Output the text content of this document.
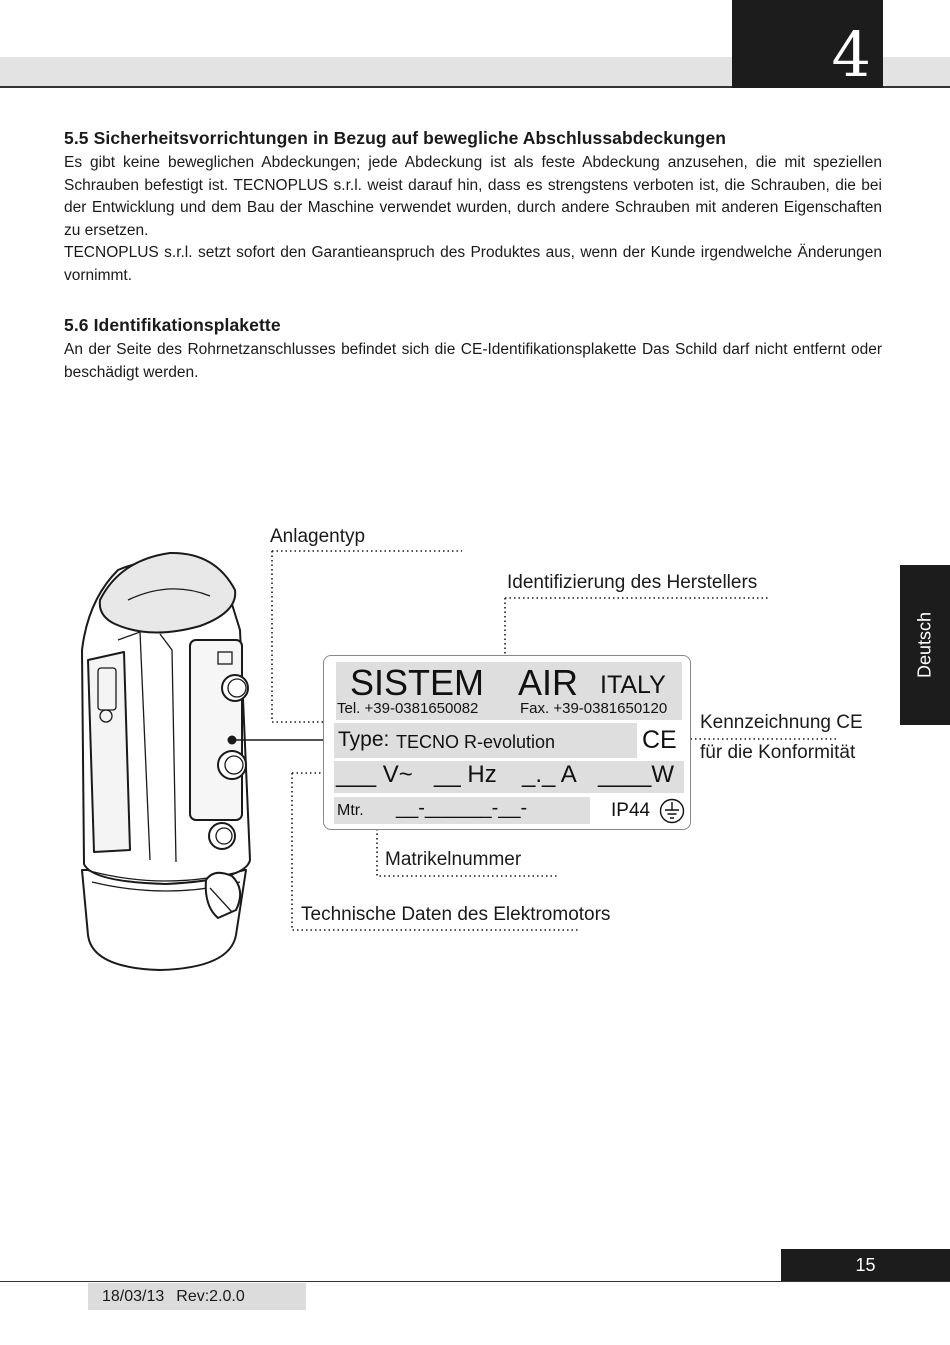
4
5.5 Sicherheitsvorrichtungen in Bezug auf bewegliche Abschlussabdeckungen

Es gibt keine beweglichen Abdeckungen; jede Abdeckung ist als feste Abdeckung anzusehen, die mit speziellen Schrauben befestigt ist. TECNOPLUS s.r.l. weist darauf hin, dass es strengstens verboten ist, die Schrauben, die bei der Entwicklung und dem Bau der Maschine verwendet wurden, durch andere Schrauben mit anderen Eigenschaften zu ersetzen.

TECNOPLUS s.r.l. setzt sofort den Garantieanspruch des Produktes aus, wenn der Kunde irgendwelche Änderungen vornimmt.

5.6 Identifikationsplakette

An der Seite des Rohrnetzanschlusses befindet sich die CE-Identifikationsplakette Das Schild darf nicht entfernt oder beschädigt werden.

Deutsch
Anlagentyp
Identifizierung des Herstellers
Kennzeichnung CE
für die Konformität
Matrikelnummer
Technische Daten des Elektromotors
SISTEM AIR ITALY
Tel. +39-0381650082	Fax. +39-0381650120
Type: TECNO R-evolution	CE
___ V~ __ Hz _._ A ____W
Mtr. __-______-__-	IP44
15
18/03/13 Rev:2.0.0
